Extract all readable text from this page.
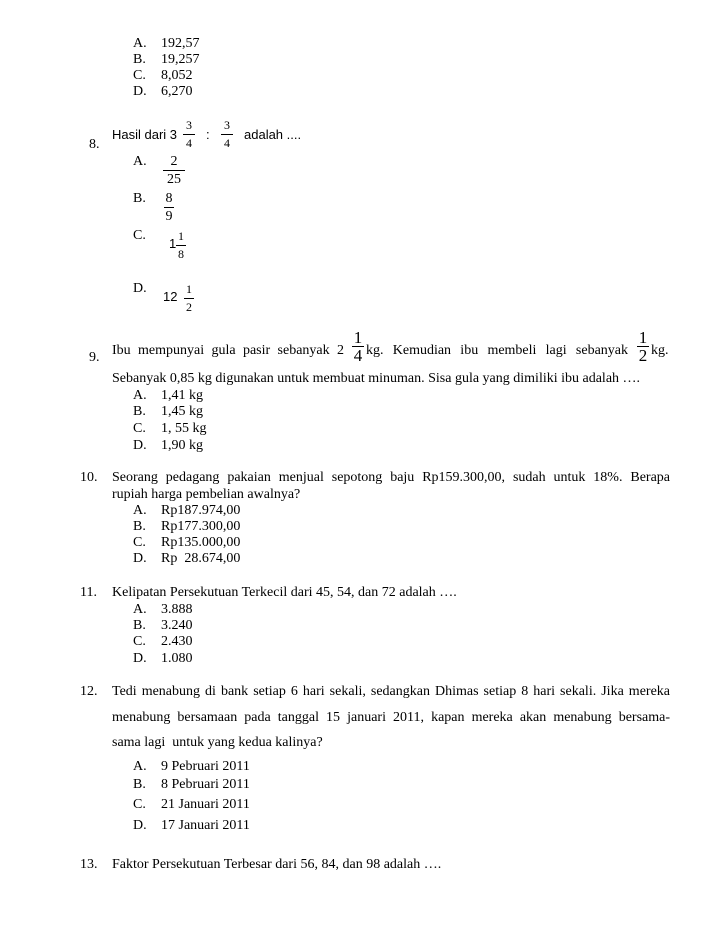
A. 192,57
B. 19,257
C. 8,052
D. 6,270
8.
Hasil dari 3
3
4
:
3
4
adalah ....
A.	2
25
B. 8
9
C.
1 1
8
D.
12 1
2
9. Ibu mempunyai gula pasir sebanyak 2
1
4 kg. Kemudian ibu membeli lagi sebanyak
1
2 kg.
Sebanyak 0,85 kg digunakan untuk membuat minuman. Sisa gula yang dimiliki ibu adalah ….
A. 1,41 kg
B. 1,45 kg
C. 1, 55 kg
D. 1,90 kg
10. Seorang pedagang pakaian menjual sepotong baju Rp159.300,00, sudah untuk 18%. Berapa
rupiah harga pembelian awalnya?
A. Rp187.974,00
B. Rp177.300,00
C. Rp135.000,00
D. Rp  28.674,00
11. Kelipatan Persekutuan Terkecil dari 45, 54, dan 72 adalah ….
A. 3.888
B. 3.240
C. 2.430
D. 1.080
12. Tedi menabung di bank setiap 6 hari sekali, sedangkan Dhimas setiap 8 hari sekali. Jika mereka
menabung bersamaan pada tanggal 15 januari 2011, kapan mereka akan menabung bersama-
sama lagi  untuk yang kedua kalinya?
A. 9 Pebruari 2011
B. 8 Pebruari 2011
C. 21 Januari 2011
D. 17 Januari 2011
13. Faktor Persekutuan Terbesar dari 56, 84, dan 98 adalah ….
